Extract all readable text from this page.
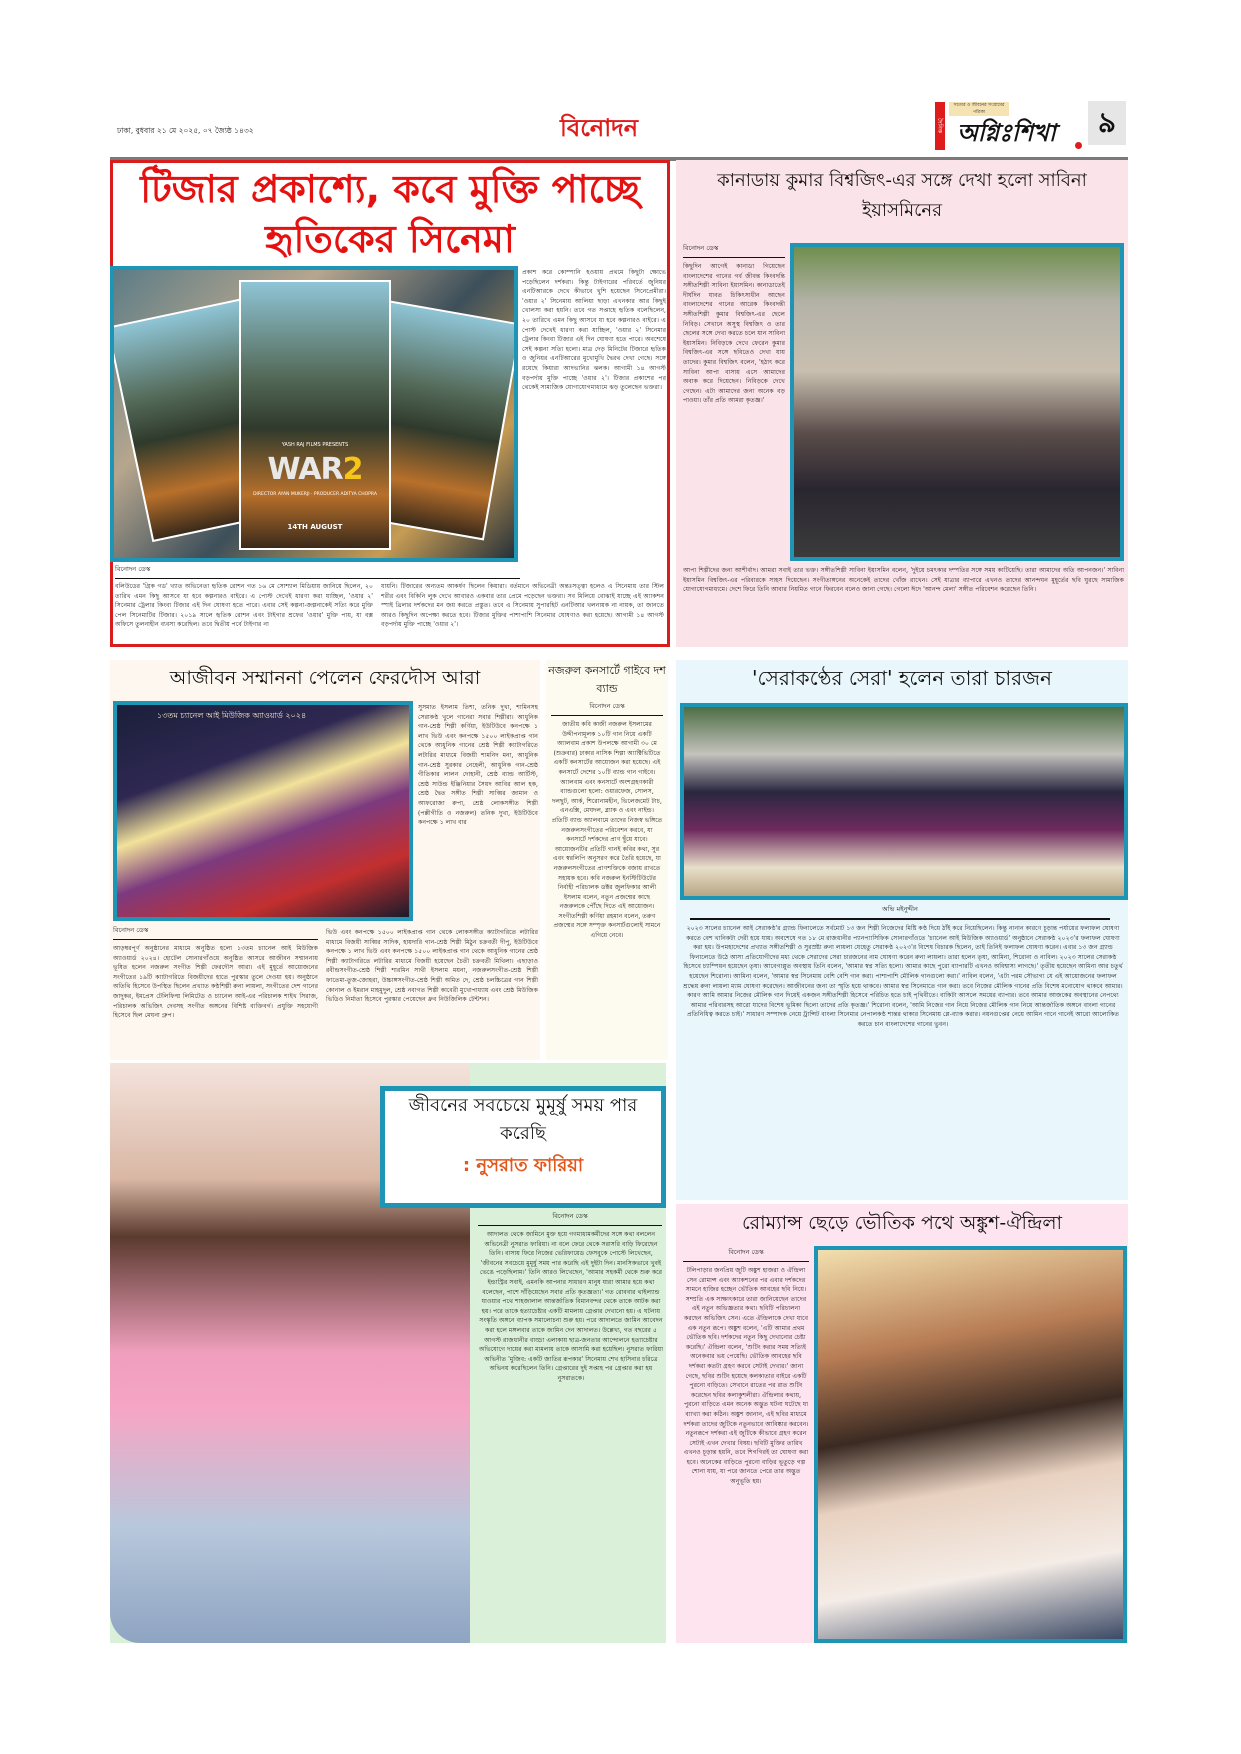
ঢাকা, বুধবার ২১ মে ২০২৫, ০৭ জ্যৈষ্ঠ ১৪৩২	বিনোদন	দৈনিক
সত্যের ও জীবনের সংগ্রামের পত্রিকা
অগ্নিঃশিখা	৯
টিজার প্রকাশ্যে, কবে মুক্তি পাচ্ছে হৃতিকের সিনেমা
YASH RAJ FILMS PRESENTS
WAR2
DIRECTOR AYAN MUKERJI · PRODUCER ADITYA CHOPRA
14TH AUGUST
প্রকাশ করে কোম্পানি হওয়ায় প্রথমে কিছুটা ক্ষোভে পড়েছিলেন দর্শকরা। কিন্তু টাইগারের পরিবর্তে জুনিয়র এনটিআরকে দেখে কীভাবে খুশি হয়েছেন সিনেপ্রেমীরা। 'ওয়ার ২' সিনেমায় আলিয়া ছাড়া এখনকার আর কিছুই খোলসা করা হয়নি। তবে গত সপ্তাহে হৃতিক বলেছিলেন, ২০ তারিখে এমন কিছু আসবে যা হবে কল্পনারও বাইরে। এ পোস্ট দেখেই ধারণা করা যাচ্ছিল, 'ওয়ার ২' সিনেমার ট্রেলার কিংবা টিজার এই দিন ঘোষণা হতে পারে। অবশেষে সেই কল্পনা সত্যি হলো। মাত্র দেড় মিনিটের টিজারে হৃতিক ও জুনিয়র এনটিআরের মুখোমুখি দ্বৈরথ দেখা গেছে। সঙ্গে রয়েছে কিয়ারা আদভানির ঝলক। আগামী ১৪ আগস্ট বড়পর্দায় মুক্তি পাচ্ছে 'ওয়ার ২'। টিজার প্রকাশের পর থেকেই সামাজিক যোগাযোগমাধ্যমে ঝড় তুলেছেন ভক্তরা।
বিনোদন ডেস্ক
বলিউডের 'গ্রিক গড' খ্যাত অভিনেতা হৃতিক রোশন গত ১৬ মে সোশ্যাল মিডিয়ায় জানিয়ে ছিলেন, ২০ তারিখ এমন কিছু আসবে যা হবে কল্পনারও বাইরে। এ পোস্ট দেখেই ধারণা করা যাচ্ছিল, 'ওয়ার ২' সিনেমার ট্রেলার কিংবা টিজার এই দিন ঘোষণা হতে পারে। এবার সেই কল্পনা-জল্পনাকেই সত্যি করে মুক্তি পেল সিনেমাটির টিজার। ২০১৯ সালে হৃতিক রোশন এবং টাইগার শ্রফের 'ওয়ার' মুক্তি পায়, যা বক্স অফিসে তুলনাহীন ব্যবসা করেছিল। তবে দ্বিতীয় পর্বে টাইগার না
যায়নি। টিজারের অন্যতম আকর্ষণ ছিলেন কিয়ারা। বর্তমানে অভিনেত্রী অন্তঃসত্ত্বা হলেও এ সিনেমায় তার স্টিল শরীর এবং বিকিনি লুক দেখে আবারও একবার তার প্রেমে পড়েছেন ভক্তরা। সব মিলিয়ে বোঝাই যাচ্ছে এই অ্যাকশন স্পাই থ্রিলার দর্শকদের মন জয় করতে প্রস্তুত। তবে এ সিনেমায় সুপারহিট এনটিআর খলনায়ক না নায়ক, তা জানতে আরও কিছুদিন অপেক্ষা করতে হবে। টিজার মুক্তির পাশাপাশি সিনেমার ঘোষণাও করা হয়েছে। আগামী ১৪ আগস্ট বড়পর্দায় মুক্তি পাচ্ছে 'ওয়ার ২'।
কানাডায় কুমার বিশ্বজিৎ-এর সঙ্গে দেখা হলো সাবিনা ইয়াসমিনের
বিনোদন ডেস্ক
কিছুদিন আগেই কানাডা গিয়েছেন বাংলাদেশের গানের গর্ব জীবন্ত কিংবদন্তি সঙ্গীতশিল্পী সাবিনা ইয়াসমিন। কানাডাতেই দীর্ঘদিন যাবত চিকিৎসাধীন আছেন বাংলাদেশের গানের আরেক কিংবদন্তী সঙ্গীতশিল্পী কুমার বিশ্বজিৎ-এর ছেলে নিবিড়। সেখানে অসুস্থ বিশ্বজিৎ ও তার ছেলের সঙ্গে দেখা করতে চলে যান সাবিনা ইয়াসমিন। নিবিড়কে দেখে ফেরেন কুমার বিশ্বজিৎ-এর সঙ্গে ছবিতেও দেখা যায় তাদের। কুমার বিশ্বজিৎ বলেন, 'হঠাৎ করে সাবিনা আপা বাসায় এসে আমাদের অবাক করে দিয়েছেন। নিবিড়কে দেখে গেছেন। এটা আমাদের জন্য অনেক বড় পাওয়া। তাঁর প্রতি আমরা কৃতজ্ঞ।'
আপা শিল্পীদের জন্য আশীর্বাদ। আমরা সবাই তার ভক্ত। সঙ্গীতশিল্পী সাবিনা ইয়াসমিন বলেন, 'দুইয়ে চমৎকার দম্পতির সঙ্গে সময় কাটিয়েছি। তারা আমাদের অতি আপনজন।' সাবিনা ইয়াসমিন বিশ্বজিৎ-এর পরিবারকে সাহস দিয়েছেন। সংগীতাঙ্গনের অনেকেই তাদের খোঁজ রাখেন। সেই যাত্রার ব্যাপারে এখনও তাদের আনন্দঘন মুহূর্তের ছবি ঘুরছে সামাজিক যোগাযোগমাধ্যমে। দেশে ফিরে তিনি আবার নিয়মিত গানে ফিরবেন বলেও জানা গেছে। গেলো ঈদে 'আনন্দ মেলা' সঙ্গীত পরিবেশন করেছেন তিনি।
আজীবন সম্মাননা পেলেন ফেরদৌস আরা
১৩তম চ্যানেল আই মিউজিক অ্যাওয়ার্ড ২০২৪
সুসমাত ইসলাম তিশা, তনিক দুখা, শামিনসহ সেরাকণ্ঠ খুলে গানেরা সবার শিল্পীরা। আধুনিক গান-শ্রেষ্ঠ শিল্পী কর্ণিয়া, ইউটিউবে কনপক্ষে ১ লাখ ভিউ এবং কনপক্ষে ১৫০০ লাইকপ্রাপ্ত গান থেকে আধুনিক গানের শ্রেষ্ঠ শিল্পী ক্যাটাগরিতে লটারির মাধ্যমে বিজয়ী শামনিদ মনা, আধুনিক গান-শ্রেষ্ঠ সুরকার নেহেলী, আধুনিক গান-শ্রেষ্ঠ গীতিকার লালন দোহানী, শ্রেষ্ঠ ব্যান্ড আর্টিস্ট, শ্রেষ্ঠ সাউন্ড ইঞ্জিনিয়ার সৈয়দ আবির আল হক, শ্রেষ্ঠ দ্বৈত সঙ্গীত শিল্পী সাব্বির জামান ও আফরোজা রুপা, শ্রেষ্ঠ লোকসঙ্গীত শিল্পী (পল্লীগীতি ও নজরুল) তনিক দুখা, ইউটিউবে কনপক্ষে ১ লাখ বার
বিনোদন ডেস্ক
আড়ম্বরপূর্ণ অনুষ্ঠানের মাধ্যমে অনুষ্ঠিত হলো ১৩তম চ্যানেল আই মিউজিক অ্যাওয়ার্ড ২০২৪। হোটেল সোনারগাঁওয়ে অনুষ্ঠিত আসরে আজীবন সম্মাননায় ভূষিত হলেন নজরুল সংগীত শিল্পী ফেরদৌস আরা। এই মুহূর্তে আয়োজনের সংগীতের ১৯টি ক্যাটাগরিতে বিজয়ীদের হাতে পুরস্কার তুলে দেওয়া হয়। অনুষ্ঠানে অতিথি হিসেবে উপস্থিত ছিলেন প্রখ্যাত কণ্ঠশিল্পী রুনা লায়লা, সংগীতের দেশ গানের জাদুকর, ইমপ্রেস টেলিফিল্ম লিমিটেড ও চ্যানেল আই-এর পরিচালক শাইখ সিরাজ, পরিচালক অভিজিৎ দেবসহ সংগীত অঙ্গনের বিশিষ্ট ব্যক্তিবর্গ। প্রযুক্তি সহযোগী হিসেবে ছিল মেঘনা গ্রুপ।
ভিউ এবং কনপক্ষে ১৫০০ লাইকপ্রাপ্ত গান থেকে লোকসঙ্গীত ক্যাটাগরিতে লটারির মাধ্যমে বিজয়ী সাব্বির সাদিক, হায়দারি গান-শ্রেষ্ঠ শিল্পী মিঠুন চক্রবর্তী দীপু, ইউটিউবে কনপক্ষে ১ লাখ ভিউ এবং কনপক্ষে ১৫০০ লাইকপ্রাপ্ত গান থেকে আধুনিক গানের শ্রেষ্ঠ শিল্পী ক্যাটাগরিতে লটারির মাধ্যমে বিজয়ী হয়েছেন চৈতী চক্রবর্তী মিথিলা। এছাড়াও রবীন্দ্রসংগীত-শ্রেষ্ঠ শিল্পী শারমিন সাথী ইসলাম ময়না, নজরুলসংগীত-শ্রেষ্ঠ শিল্পী ফাতেমা-তুজ-জোহরা, উচ্চাঙ্গসংগীত-শ্রেষ্ঠ শিল্পী অমিত দে, শ্রেষ্ঠ চলচ্চিত্রের গান শিল্পী কোনাল ও ইমরান মাহমুদুল, শ্রেষ্ঠ নবাগত শিল্পী কাবেরী মুখোপাধ্যায় এবং শ্রেষ্ঠ মিউজিক ভিডিও নির্মাতা হিসেবে পুরস্কার পেয়েছেন ধ্রুব নিউজিলিক টেন্টশন।
নজরুল কনসার্টে গাইবে দশ ব্যান্ড
বিনোদন ডেস্ক
জাতীয় কবি কাজী নজরুল ইসলামের উদ্দীপনামূলক ১০টি গান নিয়ে একটি অ্যালবাম প্রকাশ উপলক্ষে আগামী ৩০ মে (শুক্রবার) ঢাকার নাসিক শিল্পা অ্যাক্টিভিটিতে একটি কনসার্টের আয়োজন করা হয়েছে। এই কনসার্টে দেশের ১০টি ব্যান্ড গান গাইবে। অ্যালবাম এবং কনসার্টে অংশগ্রহণকারী ব্যান্ডগুলো হলো: ওয়ারফেজ, সোলস, দলছুট, আর্ক, শিরোনামহীন, ভিলেজমেট টাচ, এনএক্সি, মেঘদল, ব্ল্যাক ও এবং নাইন্ড। প্রতিটি ব্যান্ড অ্যালবামে তাদের নিজস্ব ভঙ্গিতে নজরুলসংগীতের পরিবেশন করবে, যা কনসার্টে দর্শকদের প্রাণ ছুঁয়ে যাবে। আয়োজনটির প্রতিটি গানই কবির কথা, সুর এবং স্বরলিপি অনুসরণ করে তৈরি হয়েছে, যা নজরুলসংগীতের প্রাণশক্তিকে বজায় রাখতে সহায়ক হবে। কবি নজরুল ইনস্টিটিউটের নির্বাহী পরিচালক ডক্টর জুলফিকার আলী ইসলাম বলেন, নতুন প্রজন্মের কাছে নজরুলকে পৌঁছে দিতে এই আয়োজন। সংগীতশিল্পী কর্ণিয়া রহমান বলেন, তরুণ প্রজন্মের সঙ্গে সম্পৃক্ত কনসার্টগুলোই সামনে এগিয়ে নেবে।
'সেরাকণ্ঠের সেরা' হলেন তারা চারজন
অভি মইনুদ্দীন
২০২৩ সালের চ্যানেল আই সেরাকণ্ঠ'র গ্র্যান্ড ফিনালেতে সর্বমোট ১৩ জন শিল্পী নিজেদের মিষ্টি কণ্ঠ দিয়ে ঠাঁই করে নিয়েছিলেন। কিন্তু নানান কারণে চূড়ান্ত পর্যায়ের ফলাফল ঘোষণা করতে বেশ খানিকটা দেরী হয়ে যায়। অবশেষে গত ১৮ মে রাজধানীর প্যানপ্যাসিফিক সোনারগাঁওতে 'চ্যানেল আই মিউজিক অ্যাওয়ার্ড' অনুষ্ঠানে সেরাকণ্ঠ ২০২৩'র ফলাফল ঘোষণা করা হয়। উপমহাদেশের প্রখ্যাত সঙ্গীতশিল্পী ও সুরস্রষ্টা রুনা লায়লা যেহেতু সেরাকণ্ঠ ২০২৩'র বিশেষ বিচারক ছিলেন, তাই তিনিই ফলাফল ঘোষণা করেন। এবার ১৩ জন গ্র্যান্ড ফিনালেতে উঠে আসা প্রতিযোগীদের মধ্য থেকে সেরাদের সেরা চারজনের নাম ঘোষণা করেন রুনা লায়লা। তারা হলেন তৃষা, আমিনা, শিরোনা ও নাবিল। ২০২৩ সালের সেরাকণ্ঠ হিসেবে চ্যাম্পিয়ন হয়েছেন তৃষা। আবেগাপ্লুত অবস্থায় তিনি বলেন, 'আমার স্বপ্ন সত্যি হলো। আমার কাছে পুরো ব্যাপারটি এখনও অবিশ্বাস্য লাগছে।' তৃতীয় হয়েছেন আমিনা আর চতুর্থ হয়েছেন শিরোনা। আমিনা বলেন, 'আমার স্বপ্ন সিনেমায় বেশি বেশি গান করা। পাশাপাশি মৌলিক গানগুলো করা।' নাবিল বলেন, 'এটা পরম সৌভাগ্য যে এই আয়োজনের ফলাফল শ্রদ্ধেয় রুনা লায়লা ম্যাম ঘোষণা করেছেন। আজীবনের জন্য তা স্মৃতি হয়ে থাকবে। আমার স্বপ্ন সিনেমাতে গান করা। তবে নিজের মৌলিক গানের প্রতি বিশেষ মনোযোগ থাকবে আমার। কারণ আমি আমার নিজের মৌলিক গান দিয়েই একজন সঙ্গীতশিল্পী হিসেবে পরিচিত হতে চাই পৃথিবীতে। বাকিটা আসলে সময়ের ব্যাপার। তবে আমার আজকের অবস্থানের নেপথ্যে আমার পরিবারসহ আরো যাদের বিশেষ ভূমিকা ছিলো তাদের প্রতি কৃতজ্ঞ।' শিরোনা বলেন, 'আমি নিজের গান নিয়ে নিজের মৌলিক গান নিয়ে আন্তর্জাতিক অঙ্গনে বাংলা গানের প্রতিনিধিত্ব করতে চাই।' সাধারণ সম্পাদক নেয়ে ট্রান্সিট বাংলা সিনেমার নেপালকণ্ঠ শান্তর থাকার সিনেমায় প্লে-ব্যাক করার। নয়নগুপ্তের নেয়ে আমিন গানে গানেই আরো আলোকিত করতে চান বাংলাদেশের গানের ভুবন।
জীবনের সবচেয়ে মুমূর্ষু সময় পার করেছি
: নুসরাত ফারিয়া
বিনোদন ডেস্ক
আদালত থেকে জামিনে মুক্ত হয়ে গণমাধ্যমকর্মীদের সঙ্গে কথা বললেন অভিনেত্রী নুসরাত ফারিয়া। না বলে ফেরে থেকে সরাসরি বাড়ি ফিরেছেন তিনি। বাসায় ফিরে নিজের ভেরিফায়েড ফেসবুকে পোস্টে লিখেছেন, 'জীবনের সবচেয়ে মুমূর্ষু সময় পার করেছি এই দুইটা দিন। মানসিকভাবে খুবই ভেঙে পড়েছিলাম।' তিনি আরও লিখেছেন, 'আমার সহকর্মী থেকে শুরু করে ইন্ডাস্ট্রির সবাই, এমনকি আপনার সাধারণ মানুষ যারা আমার হয়ে কথা বলেছেন, পাশে দাঁড়িয়েছেন সবার প্রতি কৃতজ্ঞতা।' গত রোববার থাইল্যান্ড যাওয়ার পথে শাহজালাল আন্তর্জাতিক বিমানবন্দর থেকে তাকে আটক করা হয়। পরে তাকে হত্যাচেষ্টার একটি মামলায় গ্রেপ্তার দেখানো হয়। এ ঘটনায় সংস্কৃতি অঙ্গনে ব্যাপক সমালোচনা শুরু হয়। পরে আদালতে জামিন আবেদন করা হলে মঙ্গলবার তাকে জামিন দেন আদালত। উল্লেখ্য, গত বছরের ৫ আগস্ট রাজধানীর বাড্ডা এলাকায় ছাত্র-জনতার আন্দোলনে হত্যাচেষ্টার অভিযোগে দায়ের করা মামলায় তাকে আসামি করা হয়েছিল। নুসরাত ফারিয়া অভিনীত 'মুজিব: একটি জাতির রূপকার' সিনেমায় শেখ হাসিনার চরিত্রে অভিনয় করেছিলেন তিনি। গ্রেপ্তারের দুই সপ্তাহ পর গ্রেপ্তার করা হয় নুসরাতকে।
রোম্যান্স ছেড়ে ভৌতিক পথে অঙ্কুশ-ঐন্দ্রিলা
বিনোদন ডেস্ক
টলিপাড়ার জনপ্রিয় জুটি অঙ্কুশ হাজরা ও ঐন্দ্রিলা সেন রোমান্স এবং অ্যাকশনের পর এবার দর্শকদের সামনে হাজির হচ্ছেন ভৌতিক আবহের ছবি নিয়ে। সম্প্রতি এক সাক্ষাৎকারে তারা জানিয়েছেন তাদের এই নতুন অভিজ্ঞতার কথা। ছবিটি পরিচালনা করছেন অভিজিৎ সেন। এতে ঐন্দ্রিলাকে দেখা যাবে এক নতুন রূপে। অঙ্কুশ বলেন, 'এটি আমার প্রথম ভৌতিক ছবি। দর্শকদের নতুন কিছু দেখানোর চেষ্টা করেছি।' ঐন্দ্রিলা বলেন, 'শুটিং করার সময় সত্যিই অনেকবার ভয় পেয়েছি। ভৌতিক আবহের ছবি দর্শকরা কতটা গ্রহণ করবে সেটাই দেখার।' জানা গেছে, ছবির শুটিং হয়েছে কলকাতার বাইরে একটি পুরনো বাড়িতে। সেখানে রাতের পর রাত শুটিং করেছেন ছবির কলাকুশলীরা। ঐন্দ্রিলার কথায়, পুরনো বাড়িতে এমন অনেক অদ্ভুত ঘটনা ঘটেছে যা ব্যাখ্যা করা কঠিন। অঙ্কুশ জানান, এই ছবির মাধ্যমে দর্শকরা তাদের জুটিকে নতুনভাবে আবিষ্কার করবেন। নতুনরূপে দর্শকরা এই জুটিকে কীভাবে গ্রহণ করেন সেটাই এখন দেখার বিষয়। ছবিটি মুক্তির তারিখ এখনও চূড়ান্ত হয়নি, তবে শিগগিরই তা ঘোষণা করা হবে। অনেকের বাড়িতে পুরনো বাড়ির ভূতুড়ে গল্প শোনা যায়, যা পরে জানতে পেরে তার অদ্ভুত অনুভূতি হয়।
